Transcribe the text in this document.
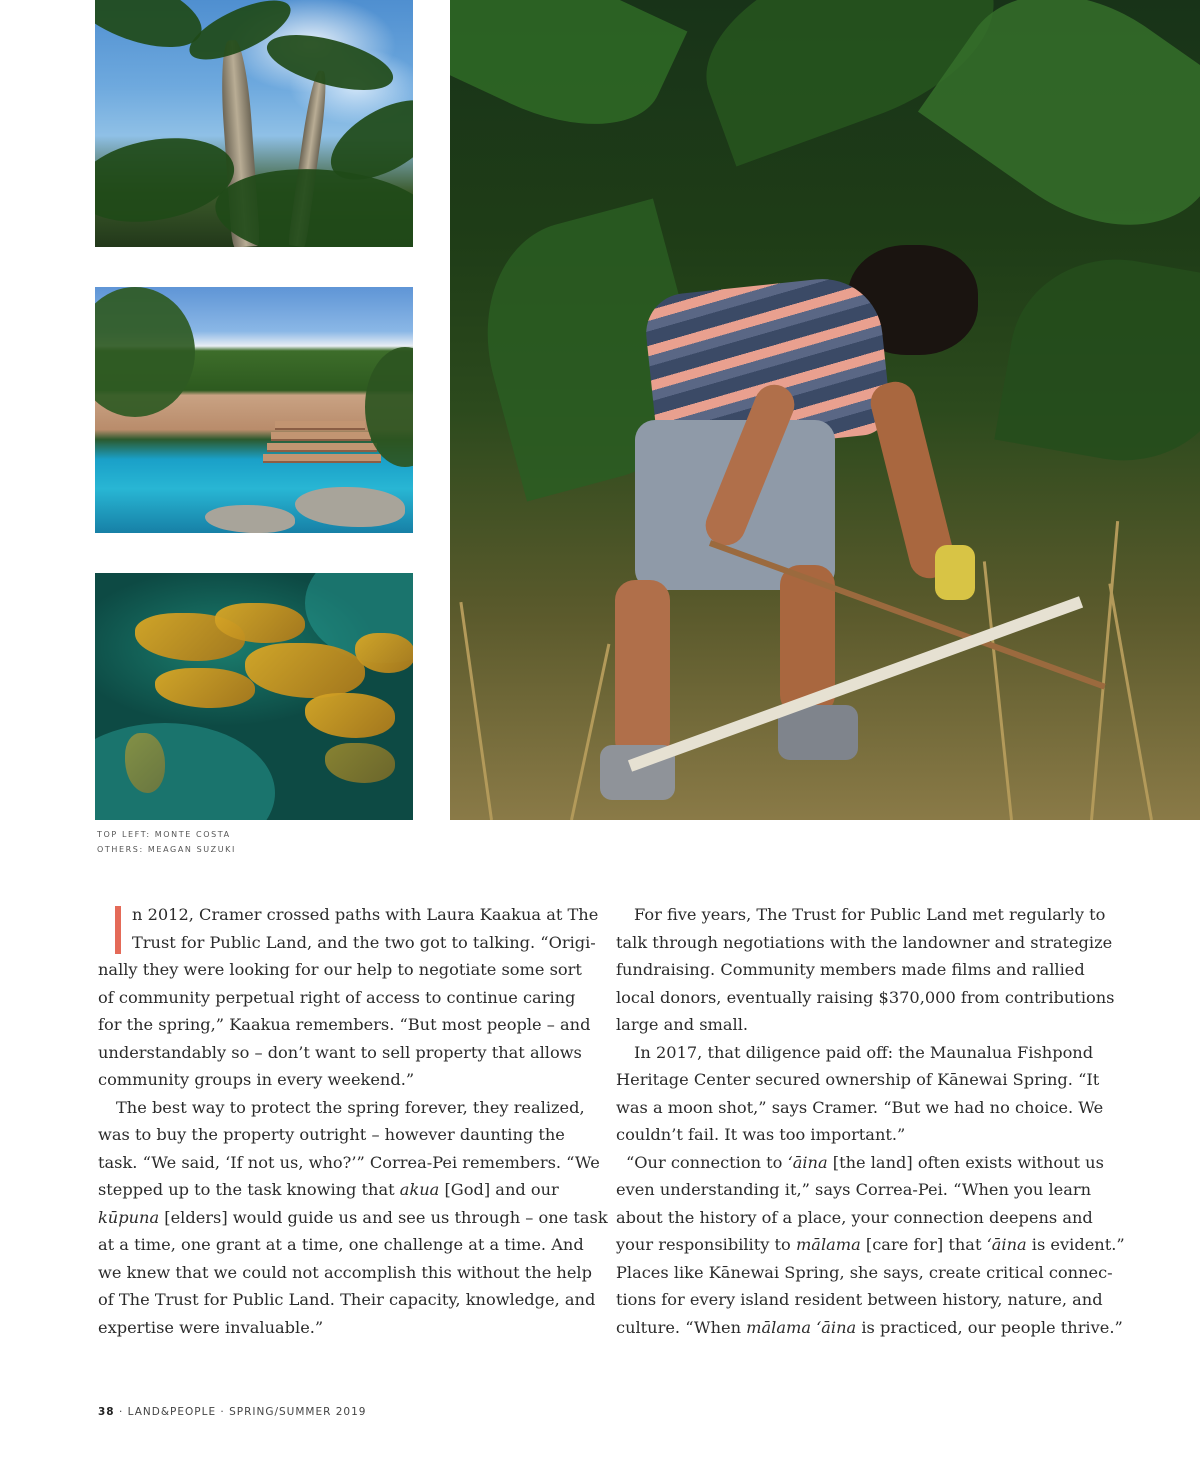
TOP LEFT: MONTE COSTA
OTHERS: MEAGAN SUZUKI

n 2012, Cramer crossed paths with Laura Kaakua at The

Trust for Public Land, and the two got to talking. “Origi-

nally they were looking for our help to negotiate some sort

of community perpetual right of access to continue caring

for the spring,” Kaakua remembers. “But most people – and

understandably so – don’t want to sell property that allows

community groups in every weekend.”

The best way to protect the spring forever, they realized,

was to buy the property outright – however daunting the

task. “We said, ‘If not us, who?’” Correa-Pei remembers. “We

stepped up to the task knowing that akua [God] and our

kūpuna [elders] would guide us and see us through – one task

at a time, one grant at a time, one challenge at a time. And

we knew that we could not accomplish this without the help

of The Trust for Public Land. Their capacity, knowledge, and

expertise were invaluable.”

For five years, The Trust for Public Land met regularly to

talk through negotiations with the landowner and strategize

fundraising. Community members made films and rallied

local donors, eventually raising $370,000 from contributions

large and small.

In 2017, that diligence paid off: the Maunalua Fishpond

Heritage Center secured ownership of Kānewai Spring. “It

was a moon shot,” says Cramer. “But we had no choice. We

couldn’t fail. It was too important.”

“Our connection to ‘āina [the land] often exists without us

even understanding it,” says Correa-Pei. “When you learn

about the history of a place, your connection deepens and

your responsibility to mālama [care for] that ‘āina is evident.”

Places like Kānewai Spring, she says, create critical connec-

tions for every island resident between history, nature, and

culture. “When mālama ‘āina is practiced, our people thrive.”

38 · LAND&PEOPLE · SPRING/SUMMER 2019
